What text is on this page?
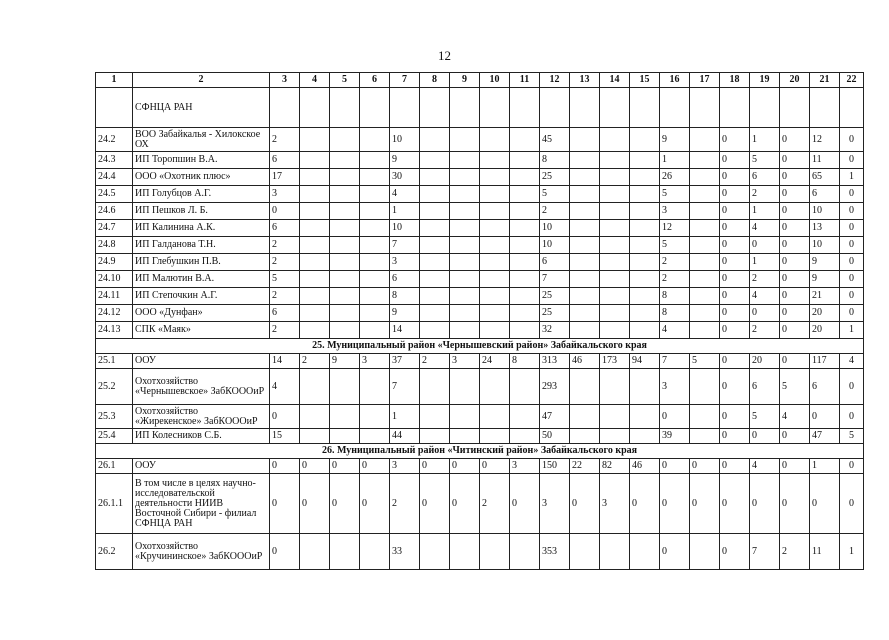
12
1	2	3	4	5	6	7	8	9	10	11	12	13	14	15	16	17	18	19	20	21	22
	СФНЦА РАН																				
24.2	ВОО Забайкалья - Хилокское ОХ	2				10					45				9		0	1	0	12	0
24.3	ИП Торопшин В.А.	6				9					8				1		0	5	0	11	0
24.4	ООО «Охотник плюс»	17				30					25				26		0	6	0	65	1
24.5	ИП Голубцов А.Г.	3				4					5				5		0	2	0	6	0
24.6	ИП Пешков Л. Б.	0				1					2				3		0	1	0	10	0
24.7	ИП Калинина А.К.	6				10					10				12		0	4	0	13	0
24.8	ИП Галданова Т.Н.	2				7					10				5		0	0	0	10	0
24.9	ИП Глебушкин П.В.	2				3					6				2		0	1	0	9	0
24.10	ИП Малютин В.А.	5				6					7				2		0	2	0	9	0
24.11	ИП Степочкин А.Г.	2				8					25				8		0	4	0	21	0
24.12	ООО «Дунфан»	6				9					25				8		0	0	0	20	0
24.13	СПК «Маяк»	2				14					32				4		0	2	0	20	1
25. Муниципальный район «Чернышевский район» Забайкальского края																					
25.1	ООУ	14	2	9	3	37	2	3	24	8	313	46	173	94	7	5	0	20	0	117	4
25.2	Охотхозяйство «Чернышевское» ЗабКОООиР	4				7					293				3		0	6	5	6	0
25.3	Охотхозяйство «Жирекенское» ЗабКОООиР	0				1					47				0		0	5	4	0	0
25.4	ИП Колесников С.Б.	15				44					50				39		0	0	0	47	5
26. Муниципальный район «Читинский район» Забайкальского края																					
26.1	ООУ	0	0	0	0	3	0	0	0	3	150	22	82	46	0	0	0	4	0	1	0
26.1.1	В том числе в целях научно-исследовательской деятельности НИИВ Восточной Сибири - филиал СФНЦА РАН	0	0	0	0	2	0	0	2	0	3	0	3	0	0	0	0	0	0	0	0
26.2	Охотхозяйство «Кручининское» ЗабКОООиР	0				33					353				0		0	7	2	11	1
